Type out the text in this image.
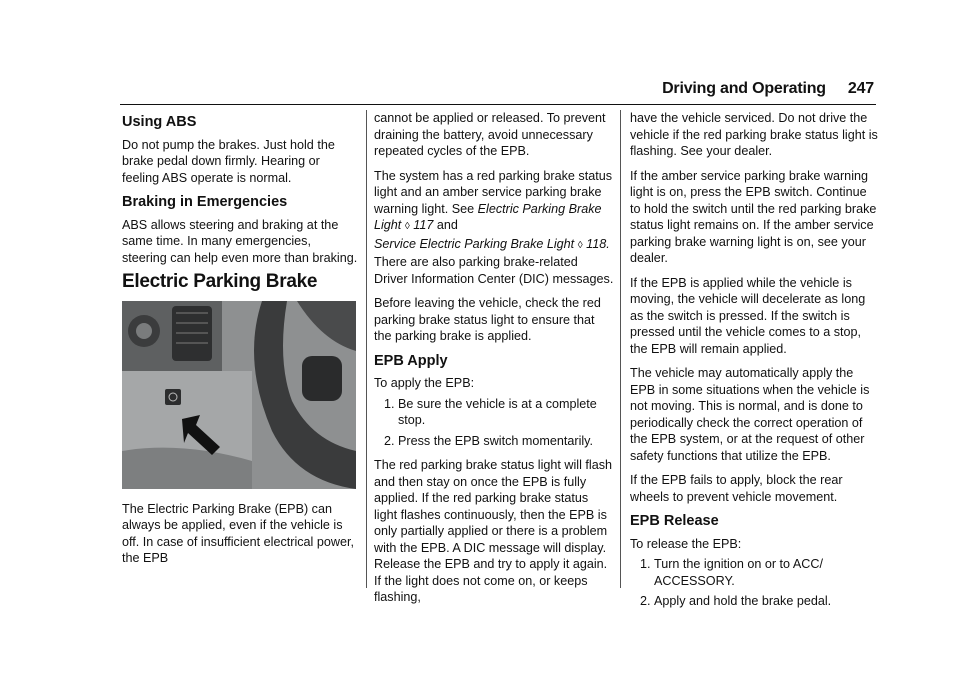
Driving and Operating 247
Using ABS

Do not pump the brakes. Just hold the brake pedal down firmly. Hearing or feeling ABS operate is normal.

Braking in Emergencies

ABS allows steering and braking at the same time. In many emergencies, steering can help even more than braking.

Electric Parking Brake

The Electric Parking Brake (EPB) can always be applied, even if the vehicle is off. In case of insufficient electrical power, the EPB

cannot be applied or released. To prevent draining the battery, avoid unnecessary repeated cycles of the EPB.

The system has a red parking brake status light and an amber service parking brake warning light. See Electric Parking Brake Light ◊ 117 and
Service Electric Parking Brake Light ◊ 118.
There are also parking brake-related Driver Information Center (DIC) messages.

Before leaving the vehicle, check the red parking brake status light to ensure that the parking brake is applied.

EPB Apply

To apply the EPB:

1. Be sure the vehicle is at a complete stop.
2. Press the EPB switch momentarily.

The red parking brake status light will flash and then stay on once the EPB is fully applied. If the red parking brake status light flashes continuously, then the EPB is only partially applied or there is a problem with the EPB. A DIC message will display. Release the EPB and try to apply it again. If the light does not come on, or keeps flashing,

have the vehicle serviced. Do not drive the vehicle if the red parking brake status light is flashing. See your dealer.

If the amber service parking brake warning light is on, press the EPB switch. Continue to hold the switch until the red parking brake status light remains on. If the amber service parking brake warning light is on, see your dealer.

If the EPB is applied while the vehicle is moving, the vehicle will decelerate as long as the switch is pressed. If the switch is pressed until the vehicle comes to a stop, the EPB will remain applied.

The vehicle may automatically apply the EPB in some situations when the vehicle is not moving. This is normal, and is done to periodically check the correct operation of the EPB system, or at the request of other safety functions that utilize the EPB.

If the EPB fails to apply, block the rear wheels to prevent vehicle movement.

EPB Release

To release the EPB:

1. Turn the ignition on or to ACC/ ACCESSORY.
2. Apply and hold the brake pedal.
